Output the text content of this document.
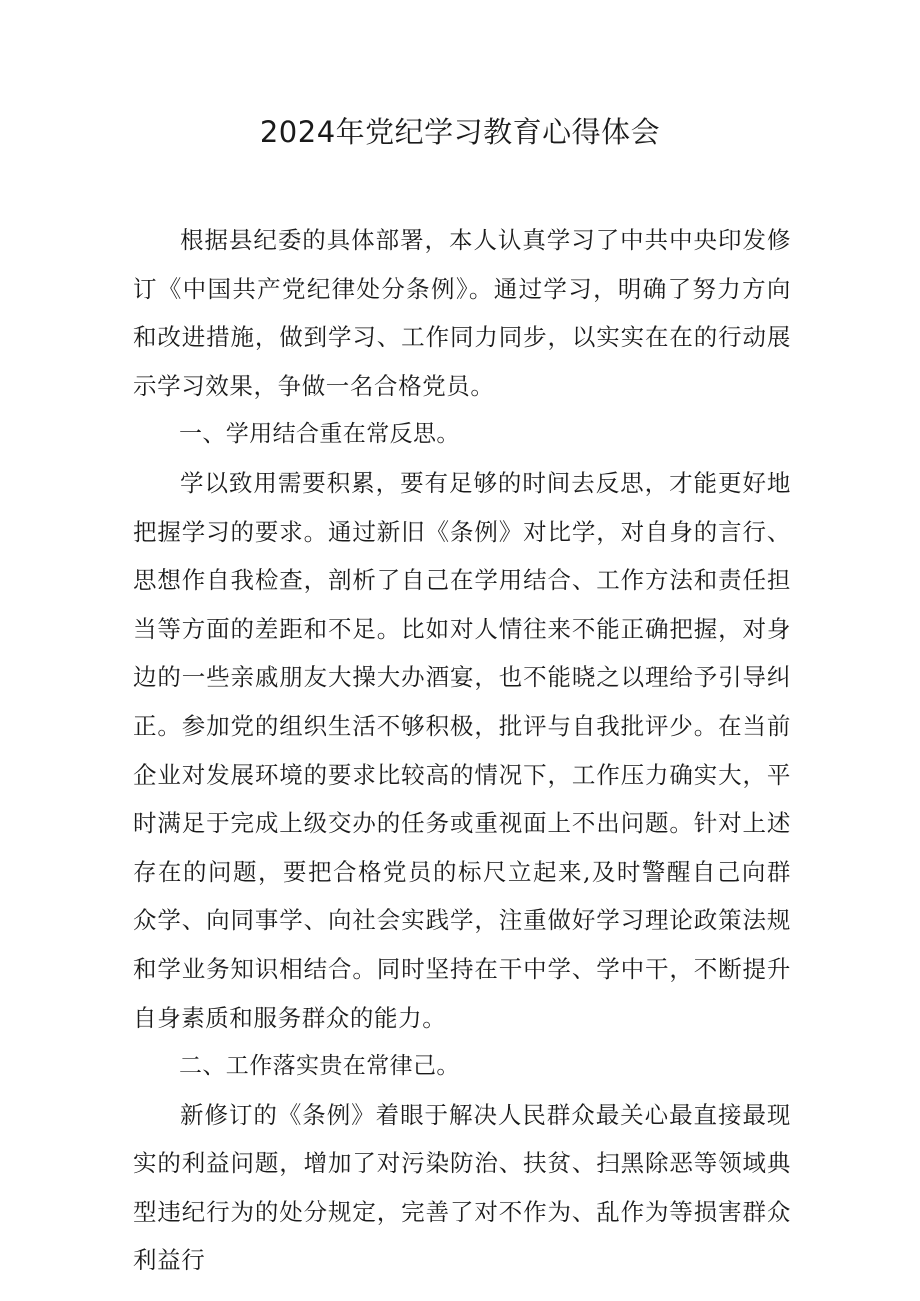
2024年党纪学习教育心得体会

根据县纪委的具体部署，本人认真学习了中共中央印发修订《中国共产党纪律处分条例》。通过学习，明确了努力方向和改进措施，做到学习、工作同力同步，以实实在在的行动展示学习效果，争做一名合格党员。

一、学用结合重在常反思。

学以致用需要积累，要有足够的时间去反思，才能更好地把握学习的要求。通过新旧《条例》对比学，对自身的言行、思想作自我检查，剖析了自己在学用结合、工作方法和责任担当等方面的差距和不足。比如对人情往来不能正确把握，对身边的一些亲戚朋友大操大办酒宴，也不能晓之以理给予引导纠正。参加党的组织生活不够积极，批评与自我批评少。在当前企业对发展环境的要求比较高的情况下，工作压力确实大，平时满足于完成上级交办的任务或重视面上不出问题。针对上述存在的问题，要把合格党员的标尺立起来,及时警醒自己向群众学、向同事学、向社会实践学，注重做好学习理论政策法规和学业务知识相结合。同时坚持在干中学、学中干，不断提升自身素质和服务群众的能力。

二、工作落实贵在常律己。

新修订的《条例》着眼于解决人民群众最关心最直接最现实的利益问题，增加了对污染防治、扶贫、扫黑除恶等领域典型违纪行为的处分规定，完善了对不作为、乱作为等损害群众利益行
